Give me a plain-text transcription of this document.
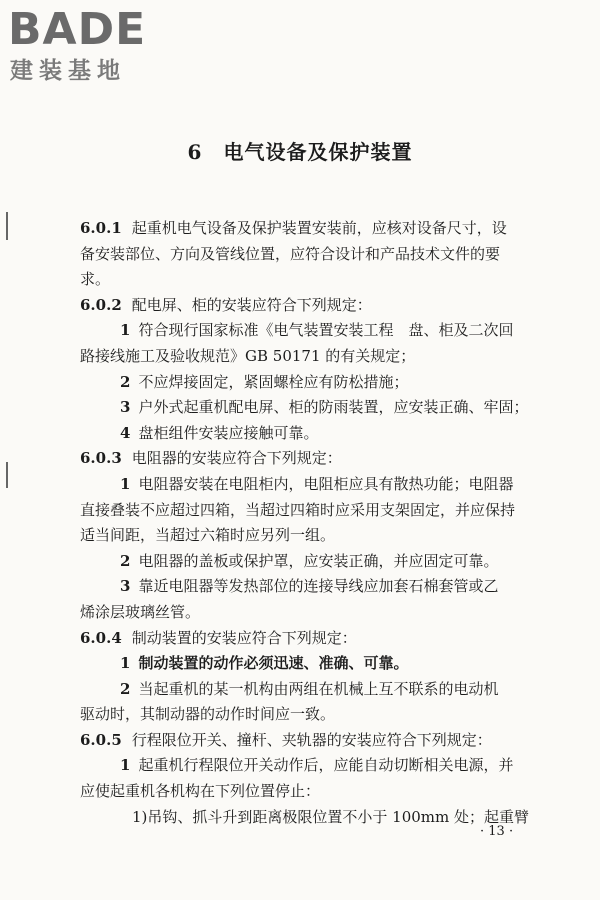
BADE
建装基地
6　电气设备及保护装置
6.0.1 起重机电气设备及保护装置安装前，应核对设备尺寸，设
备安装部位、方向及管线位置，应符合设计和产品技术文件的要
求。
6.0.2 配电屏、柜的安装应符合下列规定：
1 符合现行国家标准《电气装置安装工程　盘、柜及二次回
路接线施工及验收规范》GB 50171 的有关规定；
2 不应焊接固定，紧固螺栓应有防松措施；
3 户外式起重机配电屏、柜的防雨装置，应安装正确、牢固；
4 盘柜组件安装应接触可靠。
6.0.3 电阻器的安装应符合下列规定：
1 电阻器安装在电阻柜内，电阻柜应具有散热功能；电阻器
直接叠装不应超过四箱，当超过四箱时应采用支架固定，并应保持
适当间距，当超过六箱时应另列一组。
2 电阻器的盖板或保护罩，应安装正确，并应固定可靠。
3 靠近电阻器等发热部位的连接导线应加套石棉套管或乙
烯涂层玻璃丝管。
6.0.4 制动装置的安装应符合下列规定：
1 制动装置的动作必须迅速、准确、可靠。
2 当起重机的某一机构由两组在机械上互不联系的电动机
驱动时，其制动器的动作时间应一致。
6.0.5 行程限位开关、撞杆、夹轨器的安装应符合下列规定：
1 起重机行程限位开关动作后，应能自动切断相关电源，并
应使起重机各机构在下列位置停止：
1)吊钩、抓斗升到距离极限位置不小于 100mm 处；起重臂
· 13 ·
